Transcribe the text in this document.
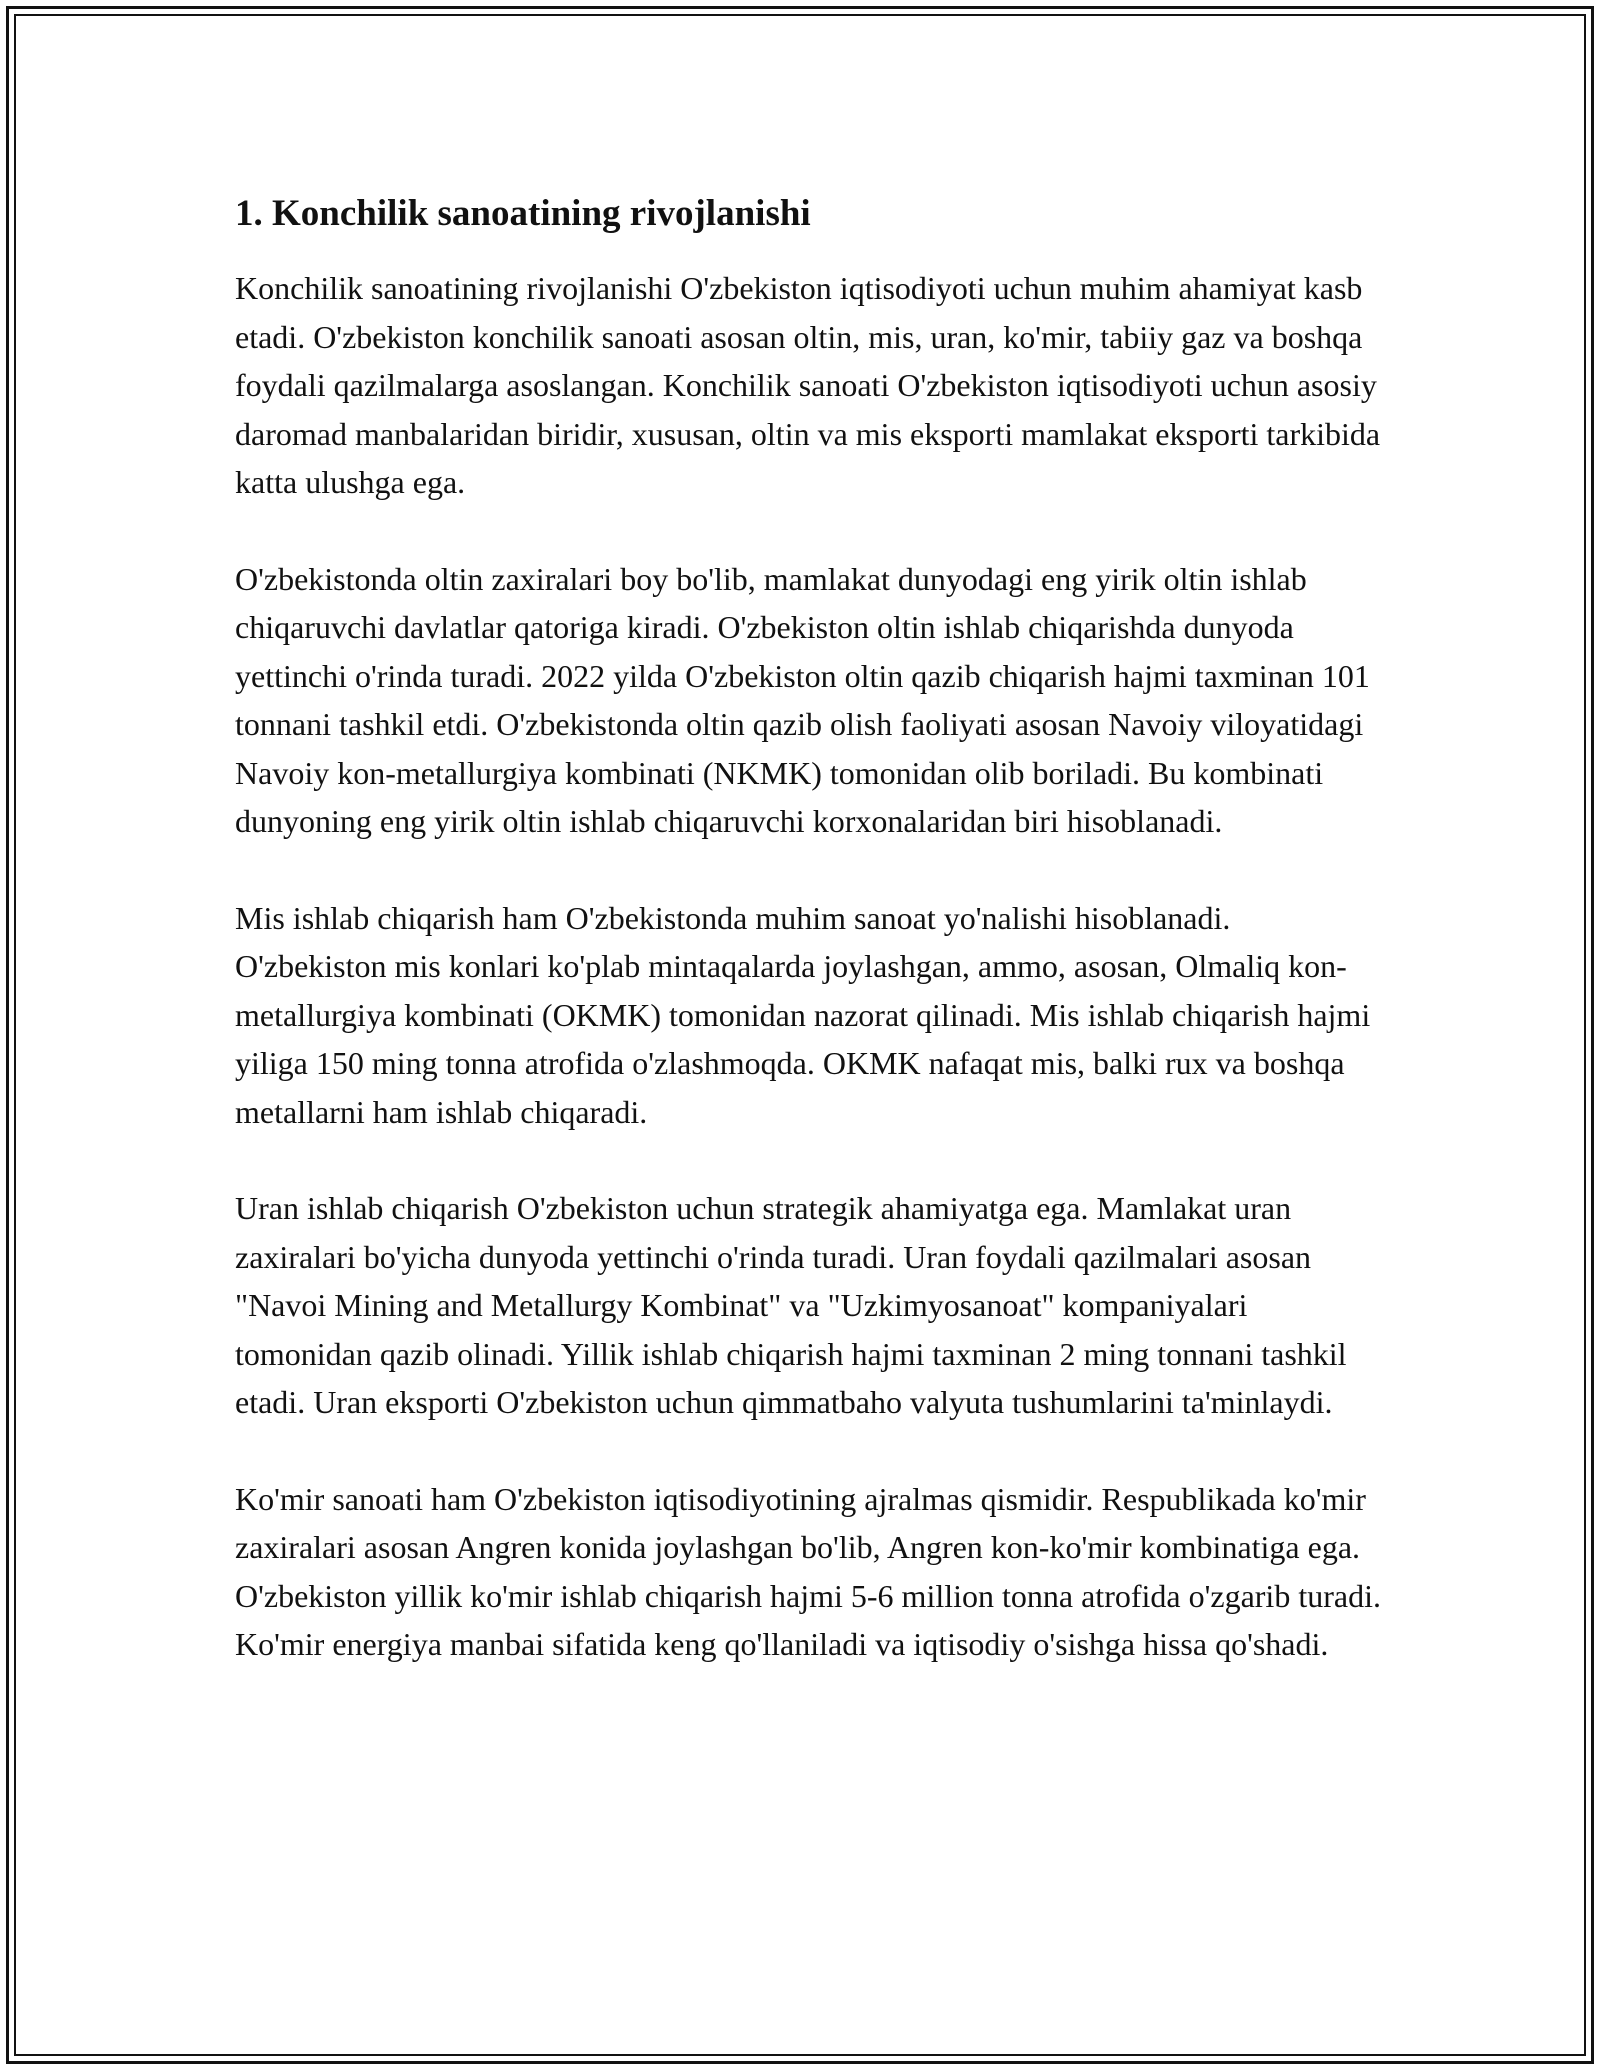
1. Konchilik sanoatining rivojlanishi

Konchilik sanoatining rivojlanishi O'zbekiston iqtisodiyoti uchun muhim ahamiyat kasb etadi. O'zbekiston konchilik sanoati asosan oltin, mis, uran, ko'mir, tabiiy gaz va boshqa foydali qazilmalarga asoslangan. Konchilik sanoati O'zbekiston iqtisodiyoti uchun asosiy daromad manbalaridan biridir, xususan, oltin va mis eksporti mamlakat eksporti tarkibida katta ulushga ega.

O'zbekistonda oltin zaxiralari boy bo'lib, mamlakat dunyodagi eng yirik oltin ishlab chiqaruvchi davlatlar qatoriga kiradi. O'zbekiston oltin ishlab chiqarishda dunyoda yettinchi o'rinda turadi. 2022 yilda O'zbekiston oltin qazib chiqarish hajmi taxminan 101 tonnani tashkil etdi. O'zbekistonda oltin qazib olish faoliyati asosan Navoiy viloyatidagi Navoiy kon-metallurgiya kombinati (NKMK) tomonidan olib boriladi. Bu kombinati dunyoning eng yirik oltin ishlab chiqaruvchi korxonalaridan biri hisoblanadi.

Mis ishlab chiqarish ham O'zbekistonda muhim sanoat yo'nalishi hisoblanadi. O'zbekiston mis konlari ko'plab mintaqalarda joylashgan, ammo, asosan, Olmaliq kon-metallurgiya kombinati (OKMK) tomonidan nazorat qilinadi. Mis ishlab chiqarish hajmi yiliga 150 ming tonna atrofida o'zlashmoqda. OKMK nafaqat mis, balki rux va boshqa metallarni ham ishlab chiqaradi.

Uran ishlab chiqarish O'zbekiston uchun strategik ahamiyatga ega. Mamlakat uran zaxiralari bo'yicha dunyoda yettinchi o'rinda turadi. Uran foydali qazilmalari asosan "Navoi Mining and Metallurgy Kombinat" va "Uzkimyosanoat" kompaniyalari tomonidan qazib olinadi. Yillik ishlab chiqarish hajmi taxminan 2 ming tonnani tashkil etadi. Uran eksporti O'zbekiston uchun qimmatbaho valyuta tushumlarini ta'minlaydi.

Ko'mir sanoati ham O'zbekiston iqtisodiyotining ajralmas qismidir. Respublikada ko'mir zaxiralari asosan Angren konida joylashgan bo'lib, Angren kon-ko'mir kombinatiga ega. O'zbekiston yillik ko'mir ishlab chiqarish hajmi 5-6 million tonna atrofida o'zgarib turadi. Ko'mir energiya manbai sifatida keng qo'llaniladi va iqtisodiy o'sishga hissa qo'shadi.
